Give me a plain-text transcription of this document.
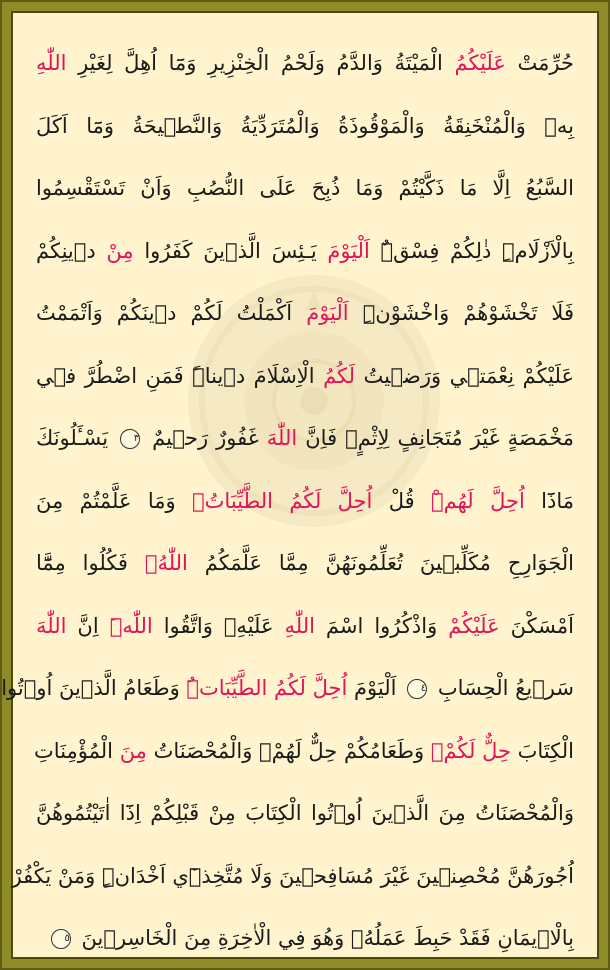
حُرِّمَتْ عَلَيْكُمُ الْمَيْتَةُ وَالدَّمُ وَلَحْمُ الْخِنْزِيرِ وَمَٓا اُهِلَّ لِغَيْرِ اللّٰهِ
بِه۪ وَالْمُنْخَنِقَةُ وَالْمَوْقُوذَةُ وَالْمُتَرَدِّيَةُ وَالنَّط۪يحَةُ وَمَٓا اَكَلَ
السَّبُعُ اِلَّا مَا ذَكَّيْتُمْ وَمَا ذُبِحَ عَلَى النُّصُبِ وَاَنْ تَسْتَقْسِمُوا
بِالْاَزْلَامِۜ ذٰلِكُمْ فِسْقٌۜ اَلْيَوْمَ يَـئِسَ الَّذ۪ينَ كَفَرُوا مِنْ د۪ينِكُمْ
فَلَا تَخْشَوْهُمْ وَاخْشَوْنِۜ اَلْيَوْمَ اَكْمَلْتُ لَكُمْ د۪ينَكُمْ وَاَتْمَمْتُ
عَلَيْكُمْ نِعْمَت۪ي وَرَض۪يتُ لَكُمُ الْاِسْلَامَ د۪يناًۜ فَمَنِ اضْطُرَّ ف۪ي
مَخْمَصَةٍ غَيْرَ مُتَجَانِفٍ لِاِثْمٍۙ فَاِنَّ اللّٰهَ غَفُورٌ رَح۪يمٌ ٣ يَسْـَٔلُونَكَ
مَاذَٓا اُحِلَّ لَهُمْۜ قُلْ اُحِلَّ لَكُمُ الطَّيِّبَاتُۙ وَمَا عَلَّمْتُمْ مِنَ
الْجَوَارِحِ مُكَلِّب۪ينَ تُعَلِّمُونَهُنَّ مِمَّا عَلَّمَكُمُ اللّٰهُۘ فَكُلُوا مِمَّٓا
اَمْسَكْنَ عَلَيْكُمْ وَاذْكُرُوا اسْمَ اللّٰهِ عَلَيْهِۖ وَاتَّقُوا اللّٰهَۜ اِنَّ اللّٰهَ
سَر۪يعُ الْحِسَابِ ٤ اَلْيَوْمَ اُحِلَّ لَكُمُ الطَّيِّبَاتُۜ وَطَعَامُ الَّذ۪ينَ اُو۫تُوا
الْكِتَابَ حِلٌّ لَكُمْۖ وَطَعَامُكُمْ حِلٌّ لَهُمْۘ وَالْمُحْصَنَاتُ مِنَ الْمُؤْمِنَاتِ
وَالْمُحْصَنَاتُ مِنَ الَّذ۪ينَ اُو۫تُوا الْكِتَابَ مِنْ قَبْلِكُمْ اِذَٓا اٰتَيْتُمُوهُنَّ
اُجُورَهُنَّ مُحْصِن۪ينَ غَيْرَ مُسَافِح۪ينَ وَلَا مُتَّخِذ۪ٓي اَخْدَانٍۜ وَمَنْ يَكْفُرْ
بِالْا۪يمَانِ فَقَدْ حَبِطَ عَمَلُهُۘ وَهُوَ فِي الْاٰخِرَةِ مِنَ الْخَاسِر۪ينَ ٥
